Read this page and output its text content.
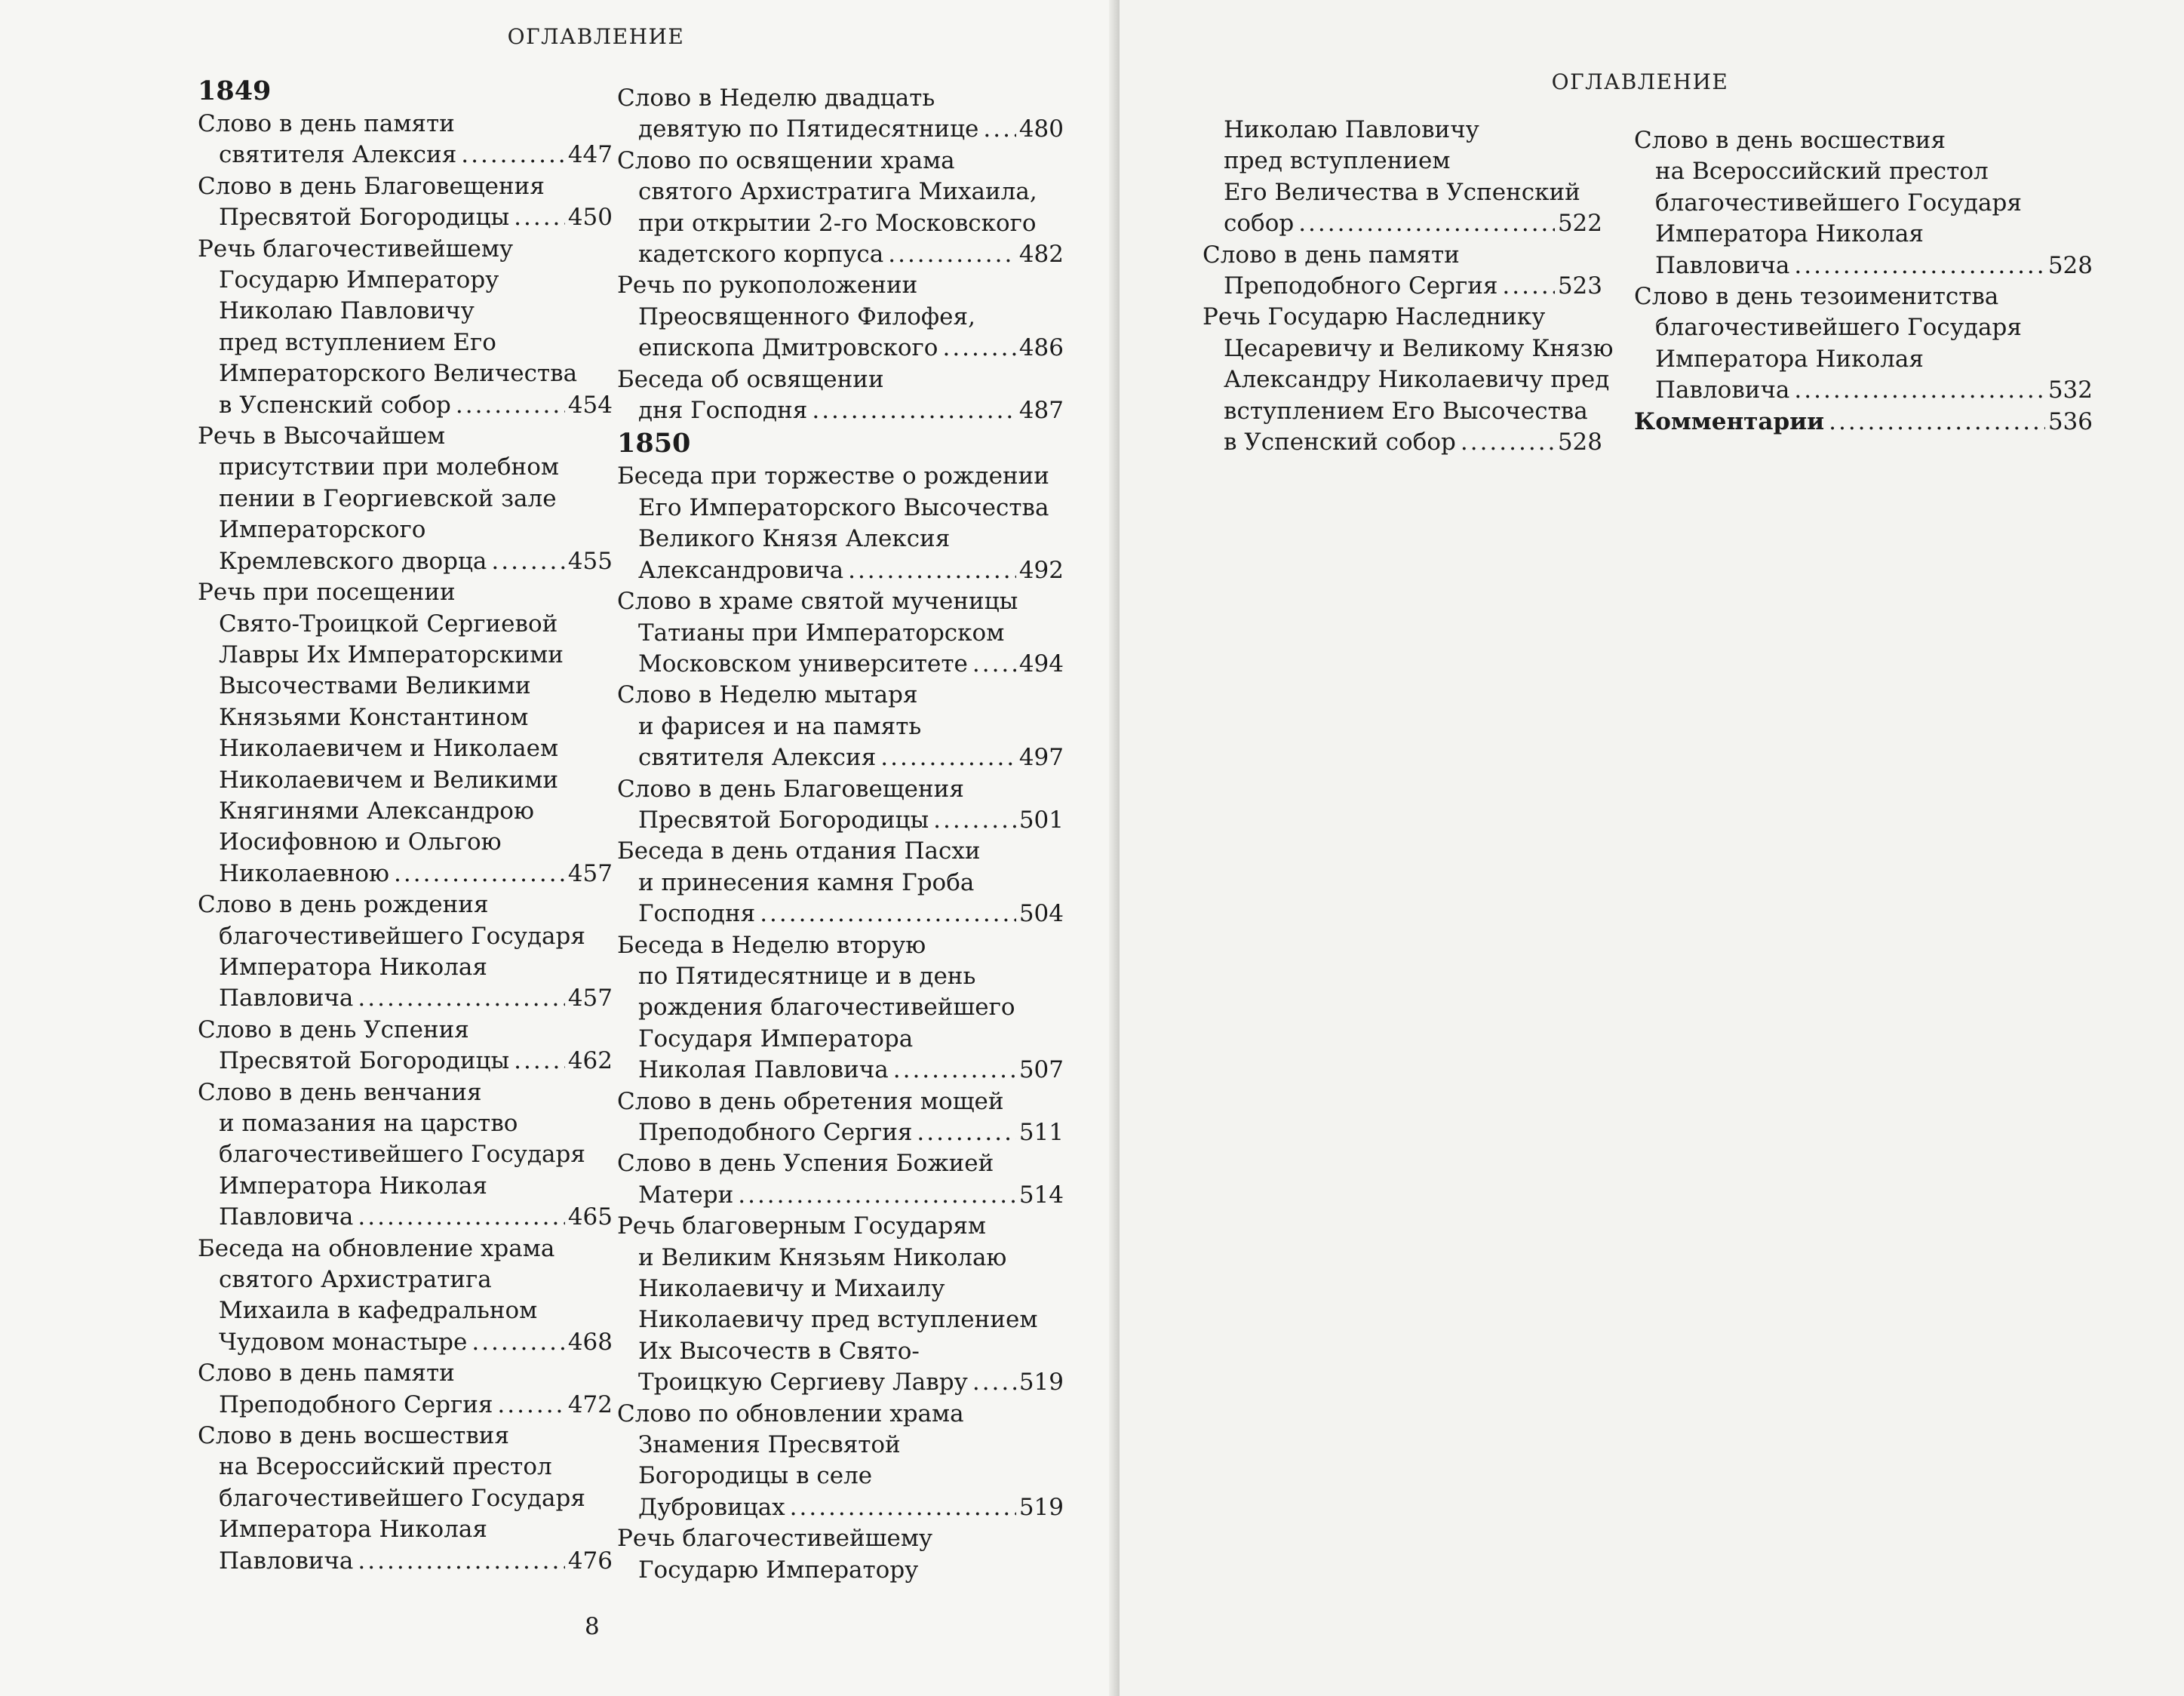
ОГЛАВЛЕНИЕ
1849
Слово в день памяти
святителя Алексия .....	447
Слово в день Благовещения
Пресвятой Богородицы .....	450
Речь благочестивейшему
Государю Императору
Николаю Павловичу
пред вступлением Его
Императорского Величества
в Успенский собор .....	454
Речь в Высочайшем
присутствии при молебном
пении в Георгиевской зале
Императорского
Кремлевского дворца .....	455
Речь при посещении
Свято-Троицкой Сергиевой
Лавры Их Императорскими
Высочествами Великими
Князьями Константином
Николаевичем и Николаем
Николаевичем и Великими
Княгинями Александрою
Иосифовною и Ольгою
Николаевною .....	457
Слово в день рождения
благочестивейшего Государя
Императора Николая
Павловича .....	457
Слово в день Успения
Пресвятой Богородицы .....	462
Слово в день венчания
и помазания на царство
благочестивейшего Государя
Императора Николая
Павловича .....	465
Беседа на обновление храма
святого Архистратига
Михаила в кафедральном
Чудовом монастыре .....	468
Слово в день памяти
Преподобного Сергия .....	472
Слово в день восшествия
на Всероссийский престол
благочестивейшего Государя
Императора Николая
Павловича .....	476
Слово в Неделю двадцать
девятую по Пятидесятнице ..... 480
Слово по освящении храма
святого Архистратига Михаила,
при открытии 2-го Московского
кадетского корпуса .....	482
Речь по рукоположении
Преосвященного Филофея,
епископа Дмитровского .....	486
Беседа об освящении
дня Господня .....	487
1850
Беседа при торжестве о рождении
Его Императорского Высочества
Великого Князя Алексия
Александровича .....	492
Слово в храме святой мученицы
Татианы при Императорском
Московском университете ..... 494
Слово в Неделю мытаря
и фарисея и на память
святителя Алексия .....	497
Слово в день Благовещения
Пресвятой Богородицы .....	501
Беседа в день отдания Пасхи
и принесения камня Гроба
Господня .....	504
Беседа в Неделю вторую
по Пятидесятнице и в день
рождения благочестивейшего
Государя Императора
Николая Павловича .....	507
Слово в день обретения мощей
Преподобного Сергия .....	511
Слово в день Успения Божией
Матери .....	514
Речь благоверным Государям
и Великим Князьям Николаю
Николаевичу и Михаилу
Николаевичу пред вступлением
Их Высочеств в Свято-
Троицкую Сергиеву Лавру ..... 519
Слово по обновлении храма
Знамения Пресвятой
Богородицы в селе
Дубровицах .....	519
Речь благочестивейшему
Государю Императору
8
ОГЛАВЛЕНИЕ
Николаю Павловичу
пред вступлением
Его Величества в Успенский
собор .....	522
Слово в день памяти
Преподобного Сергия .....	523
Речь Государю Наследнику
Цесаревичу и Великому Князю
Александру Николаевичу пред
вступлением Его Высочества
в Успенский собор .....	528
Слово в день восшествия
на Всероссийский престол
благочестивейшего Государя
Императора Николая
Павловича .....	528
Слово в день тезоименитства
благочестивейшего Государя
Императора Николая
Павловича .....	532
Комментарии .....	536
